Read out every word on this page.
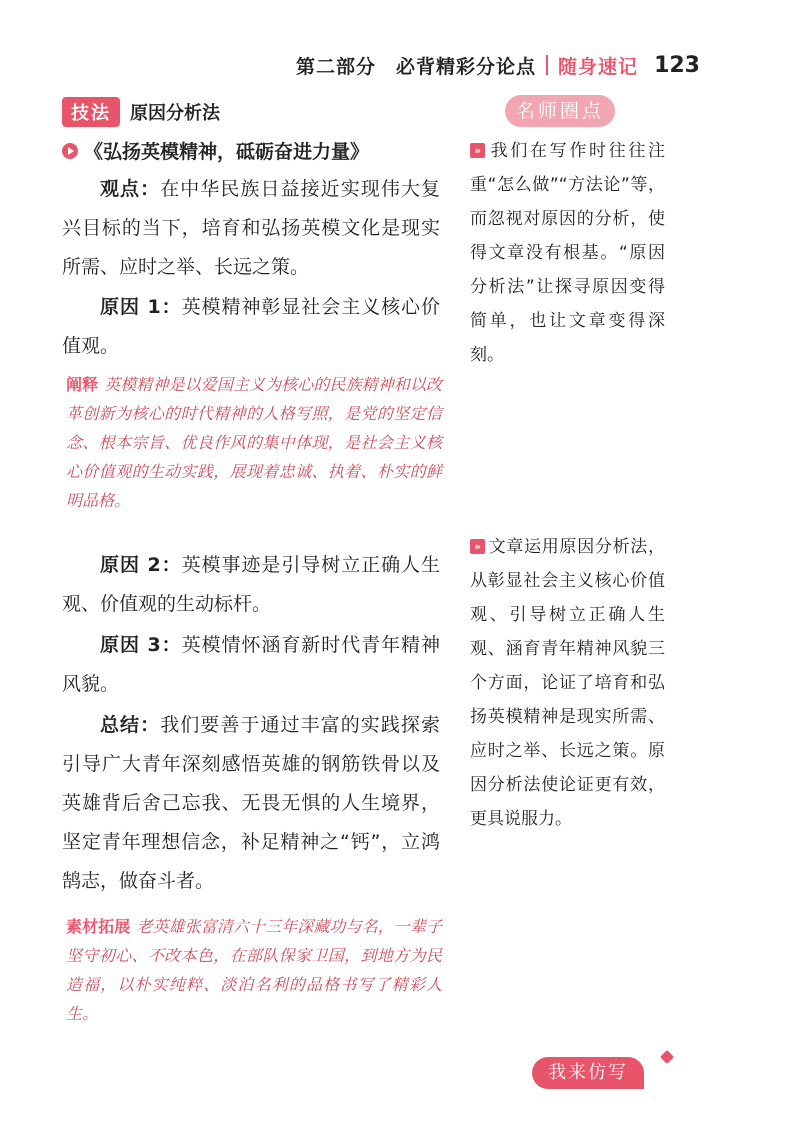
第二部分　必背精彩分论点 随身速记 123
技法	原因分析法	名师圈点
《弘扬英模精神，砥砺奋进力量》
观点：在中华民族日益接近实现伟大复兴目标的当下，培育和弘扬英模文化是现实所需、应时之举、长远之策。
原因 1：英模精神彰显社会主义核心价值观。
阐释 英模精神是以爱国主义为核心的民族精神和以改革创新为核心的时代精神的人格写照，是党的坚定信念、根本宗旨、优良作风的集中体现，是社会主义核心价值观的生动实践，展现着忠诚、执着、朴实的鲜明品格。
原因 2：英模事迹是引导树立正确人生观、价值观的生动标杆。
原因 3：英模情怀涵育新时代青年精神风貌。
总结：我们要善于通过丰富的实践探索引导广大青年深刻感悟英雄的钢筋铁骨以及英雄背后舍己忘我、无畏无惧的人生境界，坚定青年理想信念，补足精神之“钙”，立鸿鹄志，做奋斗者。
素材拓展 老英雄张富清六十三年深藏功与名，一辈子坚守初心、不改本色，在部队保家卫国，到地方为民造福，以朴实纯粹、淡泊名利的品格书写了精彩人生。
» 我们在写作时往往注重“怎么做”“方法论”等，而忽视对原因的分析，使得文章没有根基。“原因分析法”让探寻原因变得简单，也让文章变得深刻。
» 文章运用原因分析法，从彰显社会主义核心价值观、引导树立正确人生观、涵育青年精神风貌三个方面，论证了培育和弘扬英模精神是现实所需、应时之举、长远之策。原因分析法使论证更有效，更具说服力。
我来仿写
